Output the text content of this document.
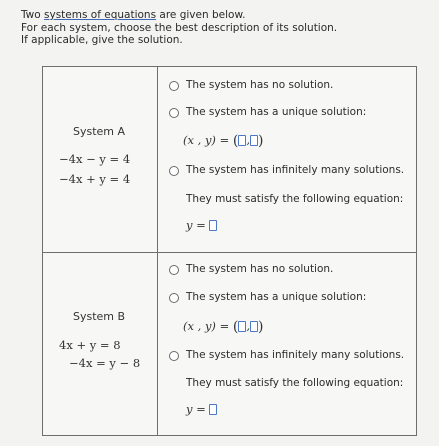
Two systems of equations are given below.
For each system, choose the best description of its solution.
If applicable, give the solution.
System A
−4x − y = 4
−4x + y = 4
The system has no solution.
The system has a unique solution:
(x , y) = ( , )
The system has infinitely many solutions.
They must satisfy the following equation:
y =
System B
4x + y = 8
−4x = y − 8
The system has no solution.
The system has a unique solution:
(x , y) = ( , )
The system has infinitely many solutions.
They must satisfy the following equation:
y =
